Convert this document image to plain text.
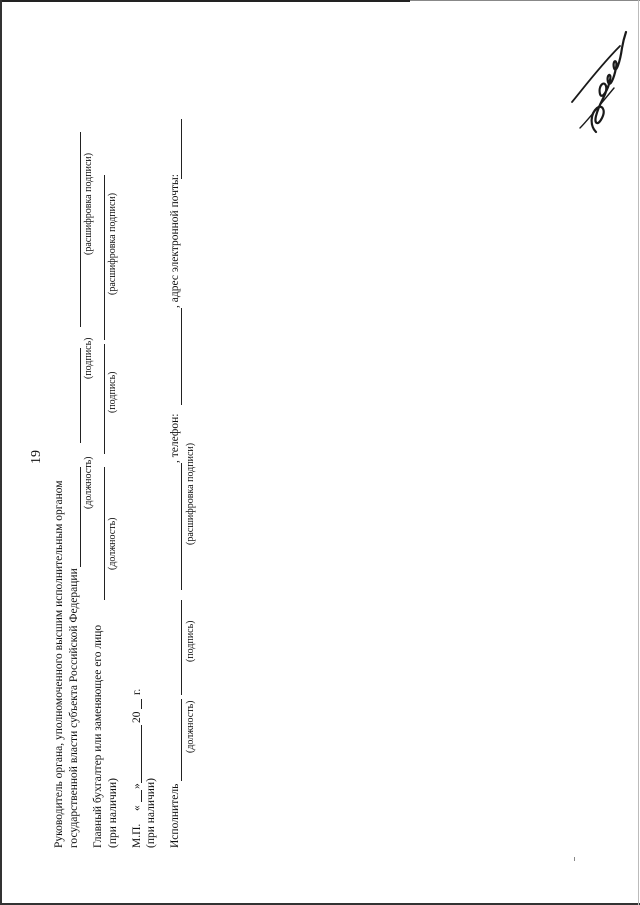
19
Руководитель органа, уполномоченного высшим исполнительным органом государственной власти субъекта Российской Федерации
(должность)
(подпись)
(расшифровка подписи)
Главный бухгалтер или заменяющее его лицо (при наличии)
(должность)
(подпись)
(расшифровка подписи)
М.П.
«
»
20
г.
(при наличии) Исполнитель
, телефон:
, адрес электронной почты:
(должность)
(подпись)
(расшифровка подписи)
